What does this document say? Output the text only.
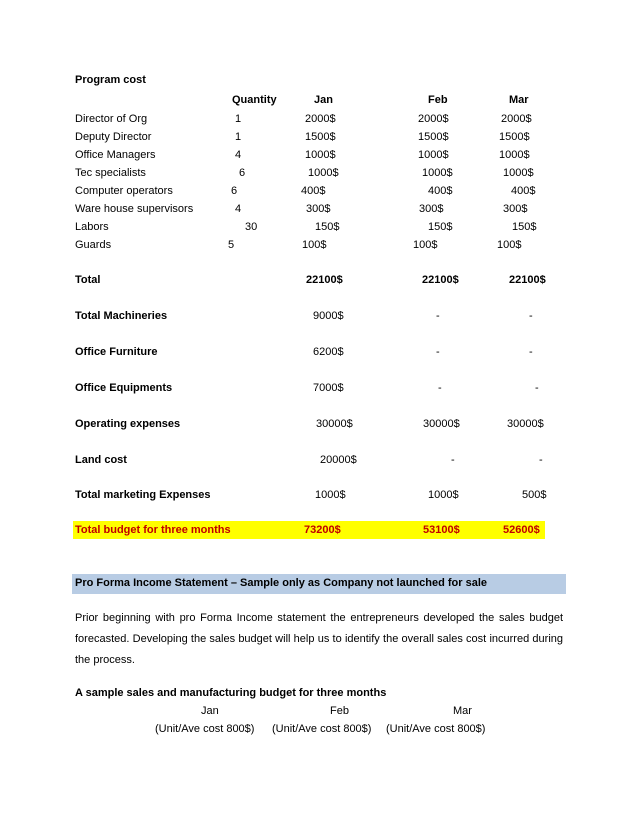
Program cost
Quantity	Jan	Feb	Mar
Director of Org	1	2000$	2000$	2000$
Deputy Director	1	1500$	1500$	1500$
Office Managers	4	1000$	1000$	1000$
Tec specialists	6	1000$	1000$	1000$
Computer operators	6	400$	400$	400$
Ware house supervisors	4	300$	300$	300$
Labors	30	150$	150$	150$
Guards	5	100$	100$	100$
Total	22100$	22100$	22100$
Total Machineries	9000$	-	-
Office Furniture	6200$	-	-
Office Equipments	7000$	-	-
Operating expenses	30000$	30000$	30000$
Land cost	20000$	-	-
Total marketing Expenses	1000$	1000$	500$
Total budget for three months	73200$	53100$	52600$
Pro Forma Income Statement – Sample only as Company not launched for sale
Prior beginning with pro Forma Income statement the entrepreneurs developed the sales budget forecasted. Developing the sales budget will help us to identify the overall sales cost incurred during the process.
A sample sales and manufacturing budget for three months
Jan	Feb	Mar
(Unit/Ave cost 800$) (Unit/Ave cost 800$) (Unit/Ave cost 800$)
